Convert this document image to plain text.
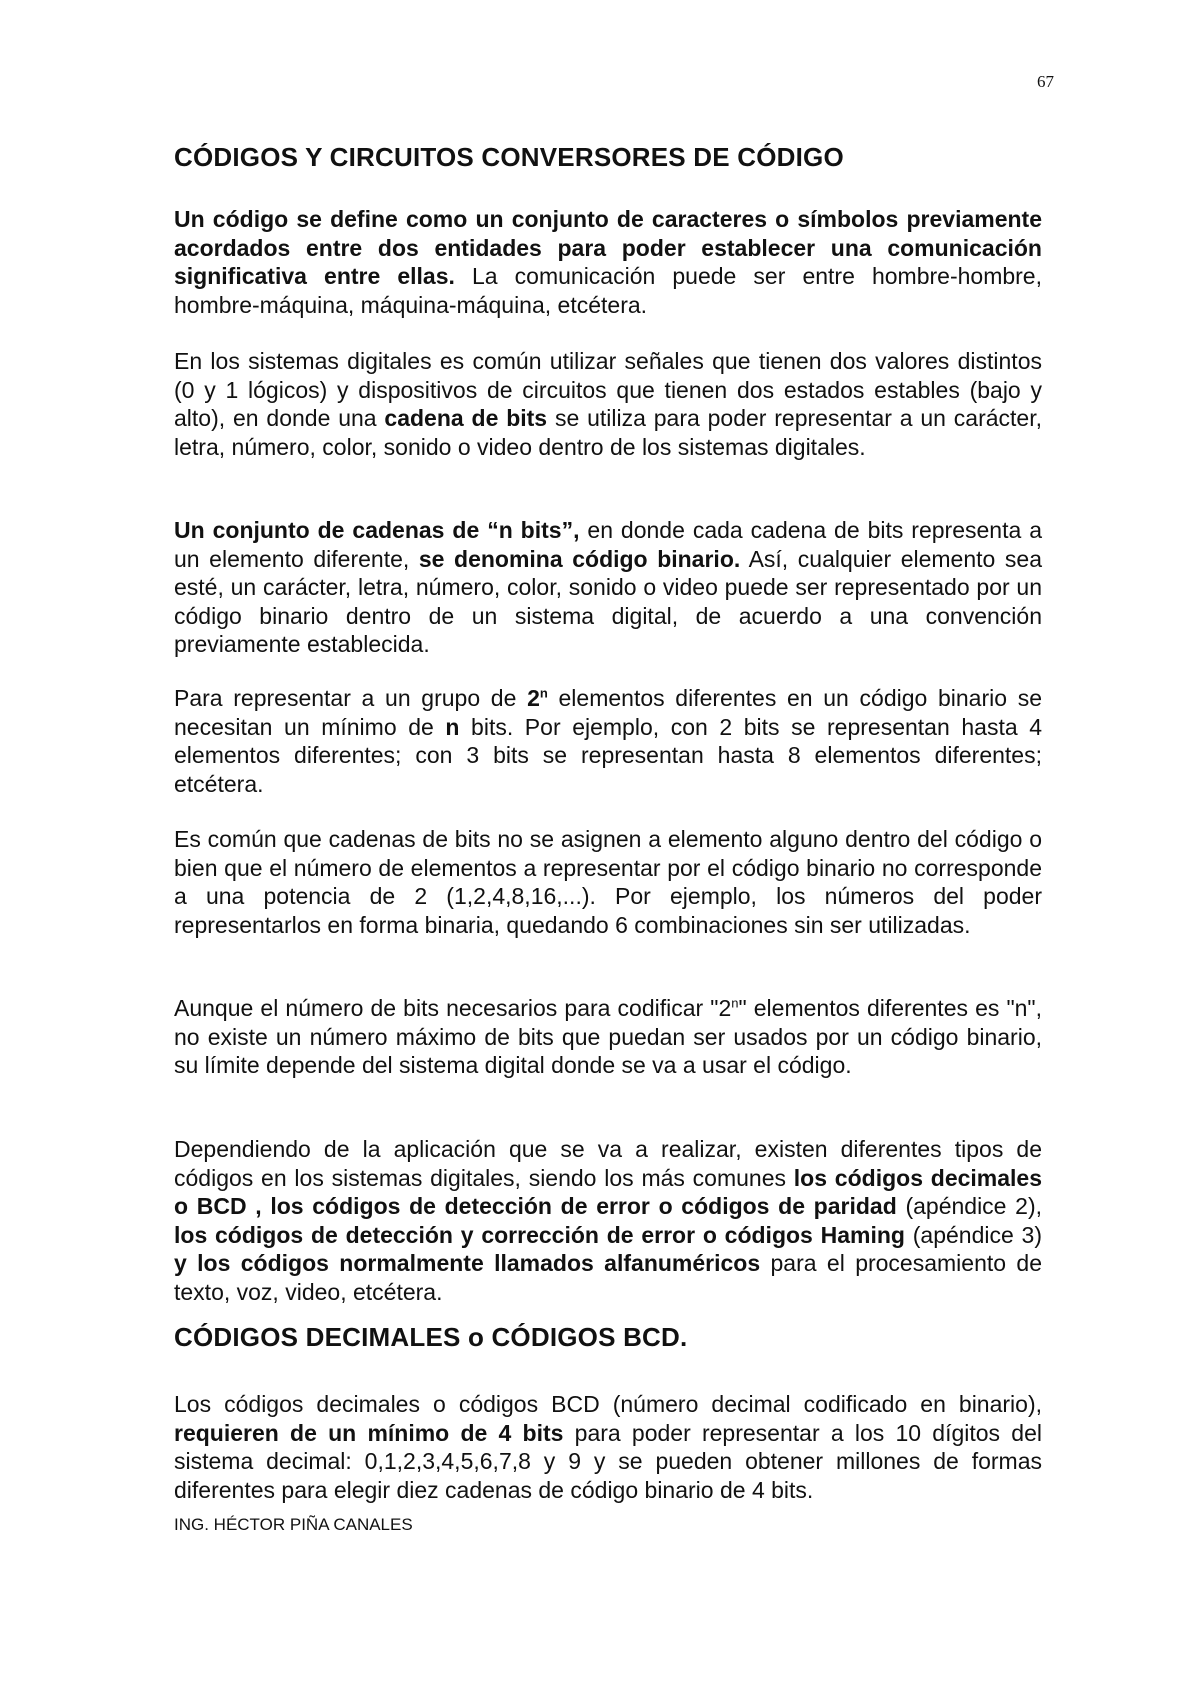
67
CÓDIGOS Y CIRCUITOS CONVERSORES DE CÓDIGO

Un código se define como un conjunto de caracteres o símbolos previamente acordados entre dos entidades para poder establecer una comunicación significativa entre ellas. La comunicación puede ser entre hombre-hombre, hombre-máquina, máquina-máquina, etcétera.

En los sistemas digitales es común utilizar señales que tienen dos valores distintos (0 y 1 lógicos) y dispositivos de circuitos que tienen dos estados estables (bajo y alto), en donde una cadena de bits se utiliza para poder representar a un carácter, letra, número, color, sonido o video dentro de los sistemas digitales.

Un conjunto de cadenas de “n bits”, en donde cada cadena de bits representa a un elemento diferente, se denomina código binario. Así, cualquier elemento sea esté, un carácter, letra, número, color, sonido o video puede ser representado por un código binario dentro de un sistema digital, de acuerdo a una convención previamente establecida.

Para representar a un grupo de 2$^n$ elementos diferentes en un código binario se necesitan un mínimo de n bits. Por ejemplo, con 2 bits se representan hasta 4 elementos diferentes; con 3 bits se representan hasta 8 elementos diferentes; etcétera.

Es común que cadenas de bits no se asignen a elemento alguno dentro del código o bien que el número de elementos a representar por el código binario no corresponde a una potencia de 2 (1,2,4,8,16,...). Por ejemplo, los números del poder representarlos en forma binaria, quedando 6 combinaciones sin ser utilizadas.

Aunque el número de bits necesarios para codificar "2$^n$" elementos diferentes es "n", no existe un número máximo de bits que puedan ser usados por un código binario, su límite depende del sistema digital donde se va a usar el código.

Dependiendo de la aplicación que se va a realizar, existen diferentes tipos de códigos en los sistemas digitales, siendo los más comunes los códigos decimales o BCD , los códigos de detección de error o códigos de paridad (apéndice 2), los códigos de detección y corrección de error o códigos Haming (apéndice 3) y los códigos normalmente llamados alfanuméricos para el procesamiento de texto, voz, video, etcétera.

CÓDIGOS DECIMALES o CÓDIGOS BCD.

Los códigos decimales o códigos BCD (número decimal codificado en binario), requieren de un mínimo de 4 bits para poder representar a los 10 dígitos del sistema decimal: 0,1,2,3,4,5,6,7,8 y 9 y se pueden obtener millones de formas diferentes para elegir diez cadenas de código binario de 4 bits.

ING. HÉCTOR PIÑA CANALES
